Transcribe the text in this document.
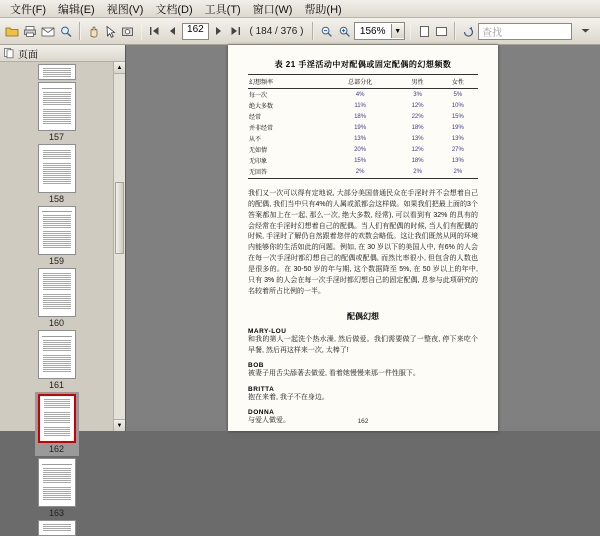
文件(F)	编辑(E)	视图(V)	文档(D)	工具(T)	窗口(W)	帮助(H)
162	( 184 / 376 )	156%	▼	查找
页面
157
158
159
160
161
162
163
▲
▼
表 21 手淫活动中对配偶或固定配偶的幻想频数
幻想频率	总部分化	男性	女性
每一次	4%	3%	5%
绝大多数	11%	12%	10%
经常	18%	22%	15%
并非经常	19%	18%	19%
从不	13%	13%	13%
无如情	20%	12%	27%
无印象	15%	18%	13%
无回答	2%	2%	2%
我们又一次可以得有定地说, 大部分美国普通民众在手淫时并不会想着自己的配偶, 我们当中只有4%的人属或派都会这样做。如果我们把最上面的3个答案都加上在一起, 那么一次, 绝大多数, 经常), 可以看到有 32% 的具有的会经常在手淫时幻想着自己的配偶。当人们有配偶的时候, 当人们有配偶的时候, 手淫时了解仍自然跟着您伴的欢数会略低。这让我们既然从网的环境内能够你的生活如此的问题。例如, 在 30 岁以下的美国人中, 有6% 的人会在每一次手淫时都幻想自己的配偶或配偶, 而然比率很小, 但包含的人数也是很多的。在 30-50 岁的年与期, 这个数据降至 5%, 在 50 岁以上的年中, 只有 3% 的人会在每一次手淫时都幻想自己的固定配偶, 息参与此项研究的名较着所占比例的一半。
配偶幻想
MARY-LOU
和我的第人一起洗个热水澡, 然后做爱。我们需要做了一整夜, 停下来吃个早餐, 然后再这样来一次, 太棒了!
BOB
被妻子用舌尖舔著去做爱, 看着她慢慢来那一件性服下。
BRITTA
抱在来着, 我子不在身边。
DONNA
与爱人做爱。	162
